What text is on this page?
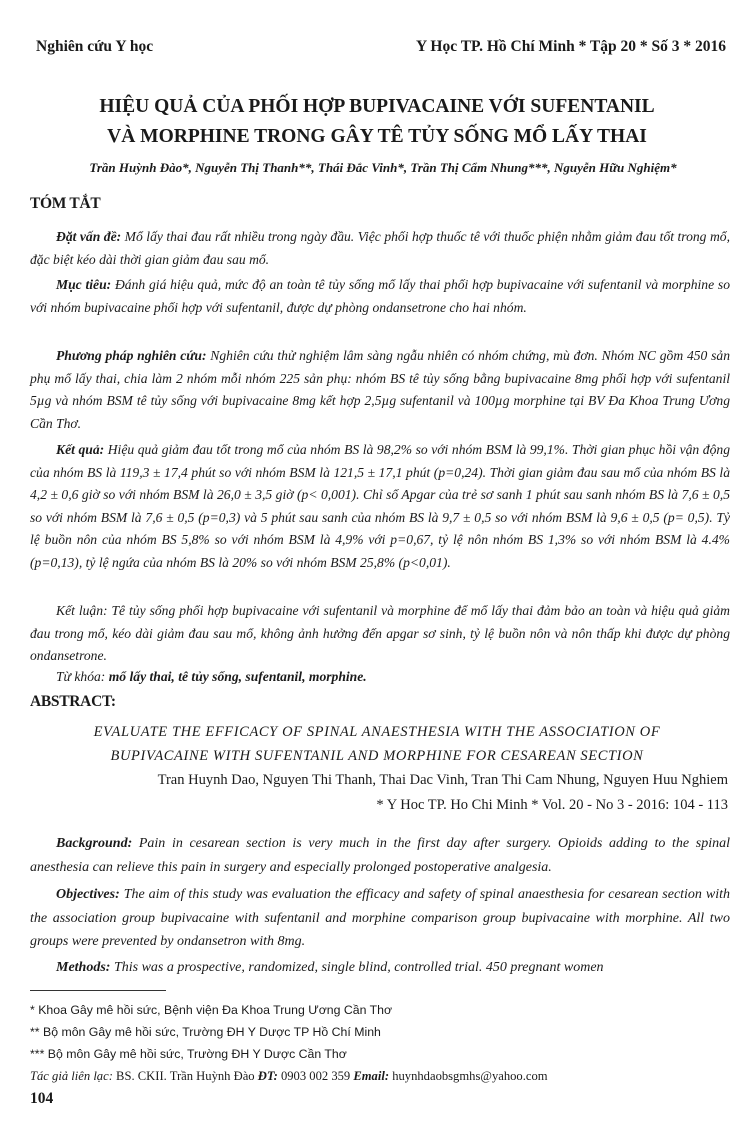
Nghiên cứu Y học	Y Học TP. Hồ Chí Minh * Tập 20 * Số 3 * 2016
HIỆU QUẢ CỦA PHỐI HỢP BUPIVACAINE VỚI SUFENTANIL
VÀ MORPHINE TRONG GÂY TÊ TỦY SỐNG MỔ LẤY THAI
Trần Huỳnh Đào*, Nguyễn Thị Thanh**, Thái Đắc Vinh*, Trần Thị Cẩm Nhung***, Nguyễn Hữu Nghiệm*
TÓM TẮT

Đặt vấn đề: Mổ lấy thai đau rất nhiều trong ngày đầu. Việc phối hợp thuốc tê với thuốc phiện nhằm giảm đau tốt trong mổ, đặc biệt kéo dài thời gian giảm đau sau mổ.

Mục tiêu: Đánh giá hiệu quả, mức độ an toàn tê tủy sống mổ lấy thai phối hợp bupivacaine với sufentanil và morphine so với nhóm bupivacaine phối hợp với sufentanil, được dự phòng ondansetrone cho hai nhóm.

Phương pháp nghiên cứu: Nghiên cứu thử nghiệm lâm sàng ngẫu nhiên có nhóm chứng, mù đơn. Nhóm NC gồm 450 sản phụ mổ lấy thai, chia làm 2 nhóm mỗi nhóm 225 sản phụ: nhóm BS tê tủy sống bằng bupivacaine 8mg phối hợp với sufentanil 5µg và nhóm BSM tê tủy sống với bupivacaine 8mg kết hợp 2,5µg sufentanil và 100µg morphine tại BV Đa Khoa Trung Ương Cần Thơ.

Kết quả: Hiệu quả giảm đau tốt trong mổ của nhóm BS là 98,2% so với nhóm BSM là 99,1%. Thời gian phục hồi vận động của nhóm BS là 119,3 ± 17,4 phút so với nhóm BSM là 121,5 ± 17,1 phút (p=0,24). Thời gian giảm đau sau mổ của nhóm BS là 4,2 ± 0,6 giờ so với nhóm BSM là 26,0 ± 3,5 giờ (p< 0,001). Chỉ số Apgar của trẻ sơ sanh 1 phút sau sanh nhóm BS là 7,6 ± 0,5 so với nhóm BSM là 7,6 ± 0,5 (p=0,3) và 5 phút sau sanh của nhóm BS là 9,7 ± 0,5 so với nhóm BSM là 9,6 ± 0,5 (p= 0,5). Tỷ lệ buồn nôn của nhóm BS 5,8% so với nhóm BSM là 4,9% với p=0,67, tỷ lệ nôn nhóm BS 1,3% so với nhóm BSM là 4.4% (p=0,13), tỷ lệ ngứa của nhóm BS là 20% so với nhóm BSM 25,8% (p<0,01).

Kết luận: Tê tủy sống phối hợp bupivacaine với sufentanil và morphine để mổ lấy thai đảm bảo an toàn và hiệu quả giảm đau trong mổ, kéo dài giảm đau sau mổ, không ảnh hưởng đến apgar sơ sinh, tỷ lệ buồn nôn và nôn thấp khi được dự phòng ondansetrone.

Từ khóa: mổ lấy thai, tê tủy sống, sufentanil, morphine.

ABSTRACT:
EVALUATE THE EFFICACY OF SPINAL ANAESTHESIA WITH THE ASSOCIATION OF
BUPIVACAINE WITH SUFENTANIL AND MORPHINE FOR CESAREAN SECTION
Tran Huynh Dao, Nguyen Thi Thanh, Thai Dac Vinh, Tran Thi Cam Nhung, Nguyen Huu Nghiem
* Y Hoc TP. Ho Chi Minh * Vol. 20 - No 3 - 2016: 104 - 113

Background: Pain in cesarean section is very much in the first day after surgery. Opioids adding to the spinal anesthesia can relieve this pain in surgery and especially prolonged postoperative analgesia.

Objectives: The aim of this study was evaluation the efficacy and safety of spinal anaesthesia for cesarean section with the association group bupivacaine with sufentanil and morphine comparison group bupivacaine with morphine. All two groups were prevented by ondansetron with 8mg.

Methods: This was a prospective, randomized, single blind, controlled trial. 450 pregnant women

* Khoa Gây mê hồi sức, Bệnh viện Đa Khoa Trung Ương Cần Thơ
** Bộ môn Gây mê hồi sức, Trường ĐH Y Dược TP Hồ Chí Minh
*** Bộ môn Gây mê hồi sức, Trường ĐH Y Dược Cần Thơ
Tác giả liên lạc: BS. CKII. Trần Huỳnh Đào ĐT: 0903 002 359 Email: huynhdaobsgmhs@yahoo.com
104
